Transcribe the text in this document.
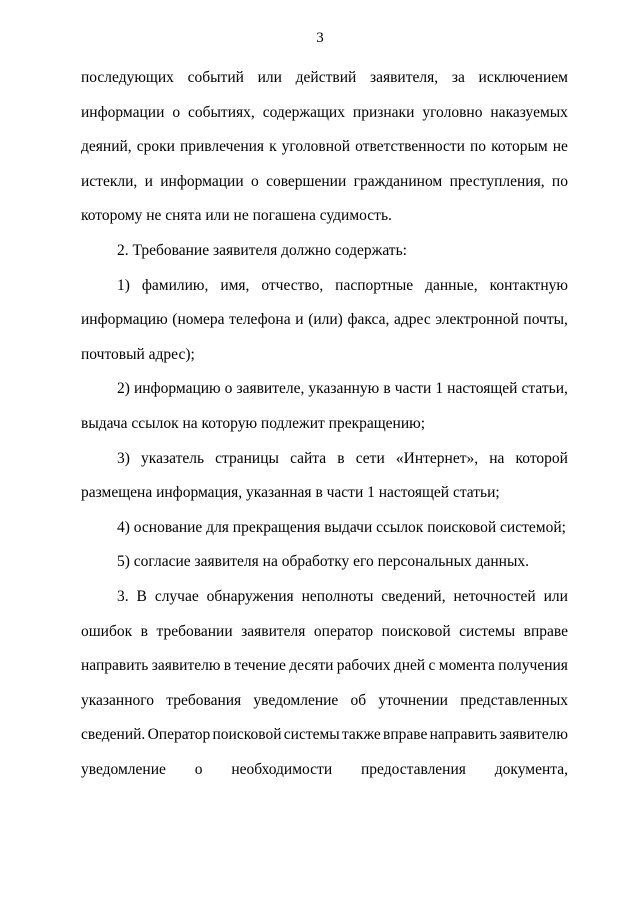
3
последующих событий или действий заявителя, за исключением
информации о событиях, содержащих признаки уголовно наказуемых
деяний, сроки привлечения к уголовной ответственности по которым не
истекли, и информации о совершении гражданином преступления, по
которому не снята или не погашена судимость.
2. Требование заявителя должно содержать:
1) фамилию, имя, отчество, паспортные данные, контактную
информацию (номера телефона и (или) факса, адрес электронной почты,
почтовый адрес);
2) информацию о заявителе, указанную в части 1 настоящей статьи,
выдача ссылок на которую подлежит прекращению;
3) указатель страницы сайта в сети «Интернет», на которой
размещена информация, указанная в части 1 настоящей статьи;
4) основание для прекращения выдачи ссылок поисковой системой;
5) согласие заявителя на обработку его персональных данных.
3. В случае обнаружения неполноты сведений, неточностей или
ошибок в требовании заявителя оператор поисковой системы вправе
направить заявителю в течение десяти рабочих дней с момента получения
указанного требования уведомление об уточнении представленных
сведений. Оператор поисковой системы также вправе направить заявителю
уведомление о необходимости предоставления документа,
